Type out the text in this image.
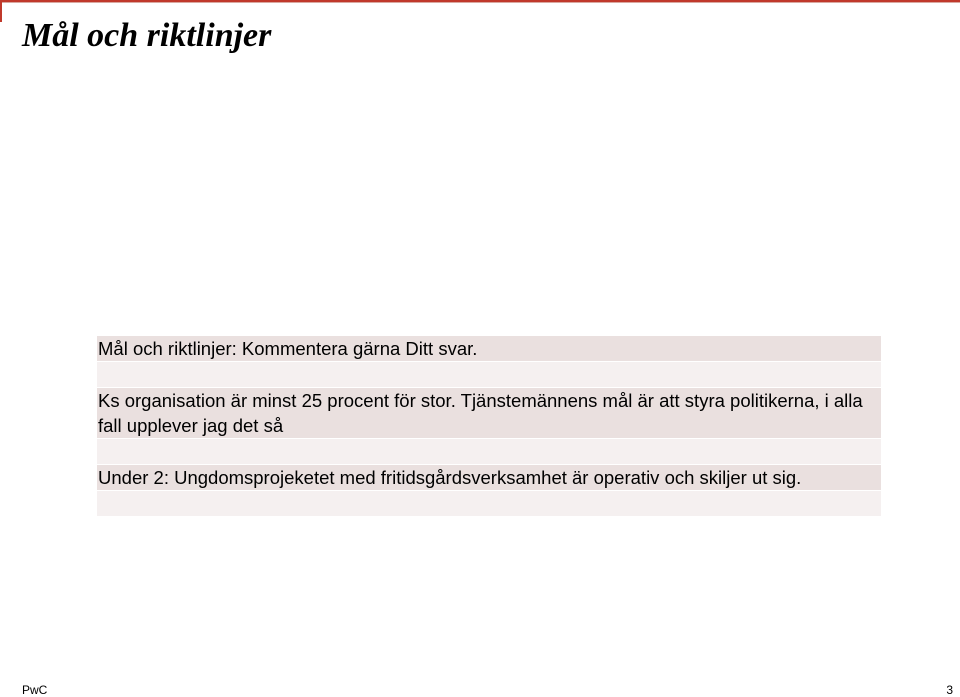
Mål och riktlinjer
Mål och riktlinjer: Kommentera gärna Ditt svar.

Ks organisation är minst 25 procent för stor. Tjänstemännens mål är att styra politikerna, i alla fall upplever jag det så

Under 2: Ungdomsprojeketet med fritidsgårdsverksamhet är operativ och skiljer ut sig.

PwC	3
